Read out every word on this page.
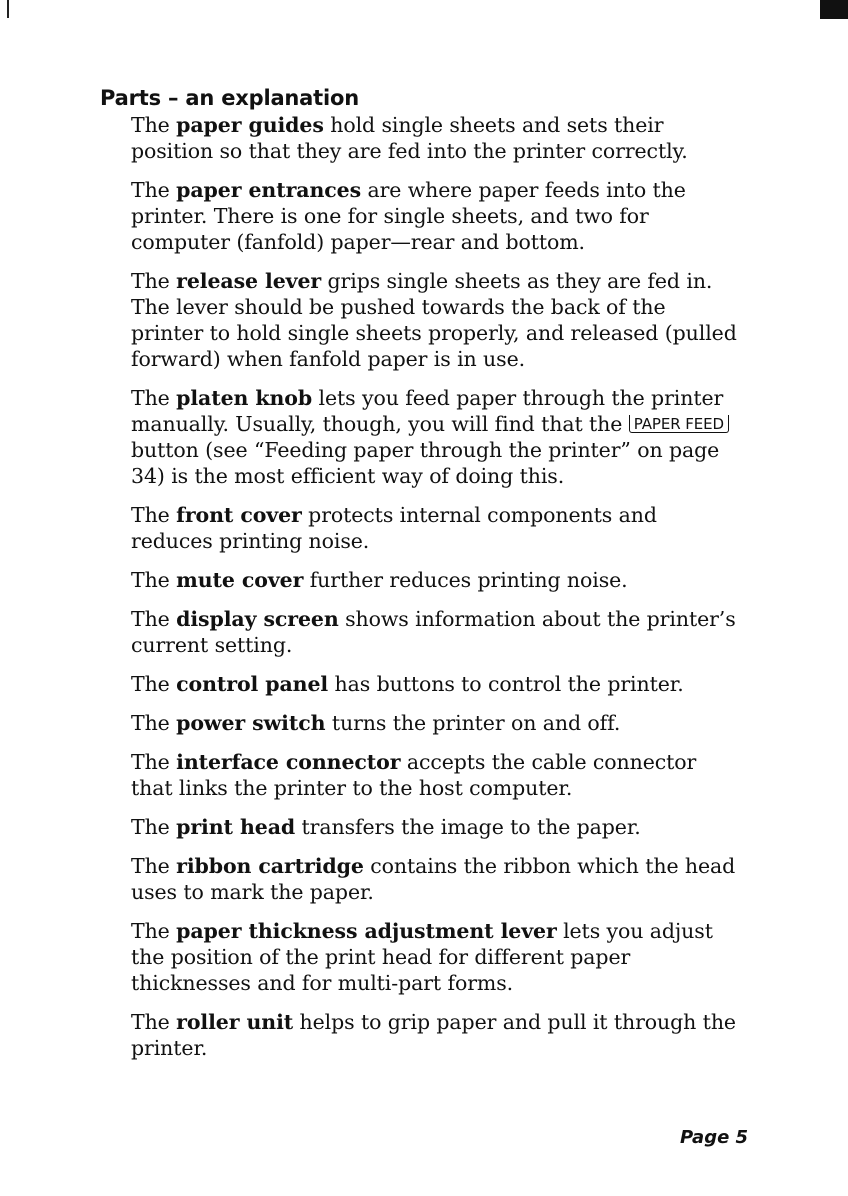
Parts – an explanation

The paper guides hold single sheets and sets their position so that they are fed into the printer correctly.

The paper entrances are where paper feeds into the printer. There is one for single sheets, and two for computer (fanfold) paper—rear and bottom.

The release lever grips single sheets as they are fed in. The lever should be pushed towards the back of the printer to hold single sheets properly, and released (pulled forward) when fanfold paper is in use.

The platen knob lets you feed paper through the printer manually. Usually, though, you will find that the PAPER FEED button (see “Feeding paper through the printer” on page 34) is the most efficient way of doing this.

The front cover protects internal components and reduces printing noise.

The mute cover further reduces printing noise.

The display screen shows information about the printer’s current setting.

The control panel has buttons to control the printer.

The power switch turns the printer on and off.

The interface connector accepts the cable connector that links the printer to the host computer.

The print head transfers the image to the paper.

The ribbon cartridge contains the ribbon which the head uses to mark the paper.

The paper thickness adjustment lever lets you adjust the position of the print head for different paper thicknesses and for multi-part forms.

The roller unit helps to grip paper and pull it through the printer.

Page 5
